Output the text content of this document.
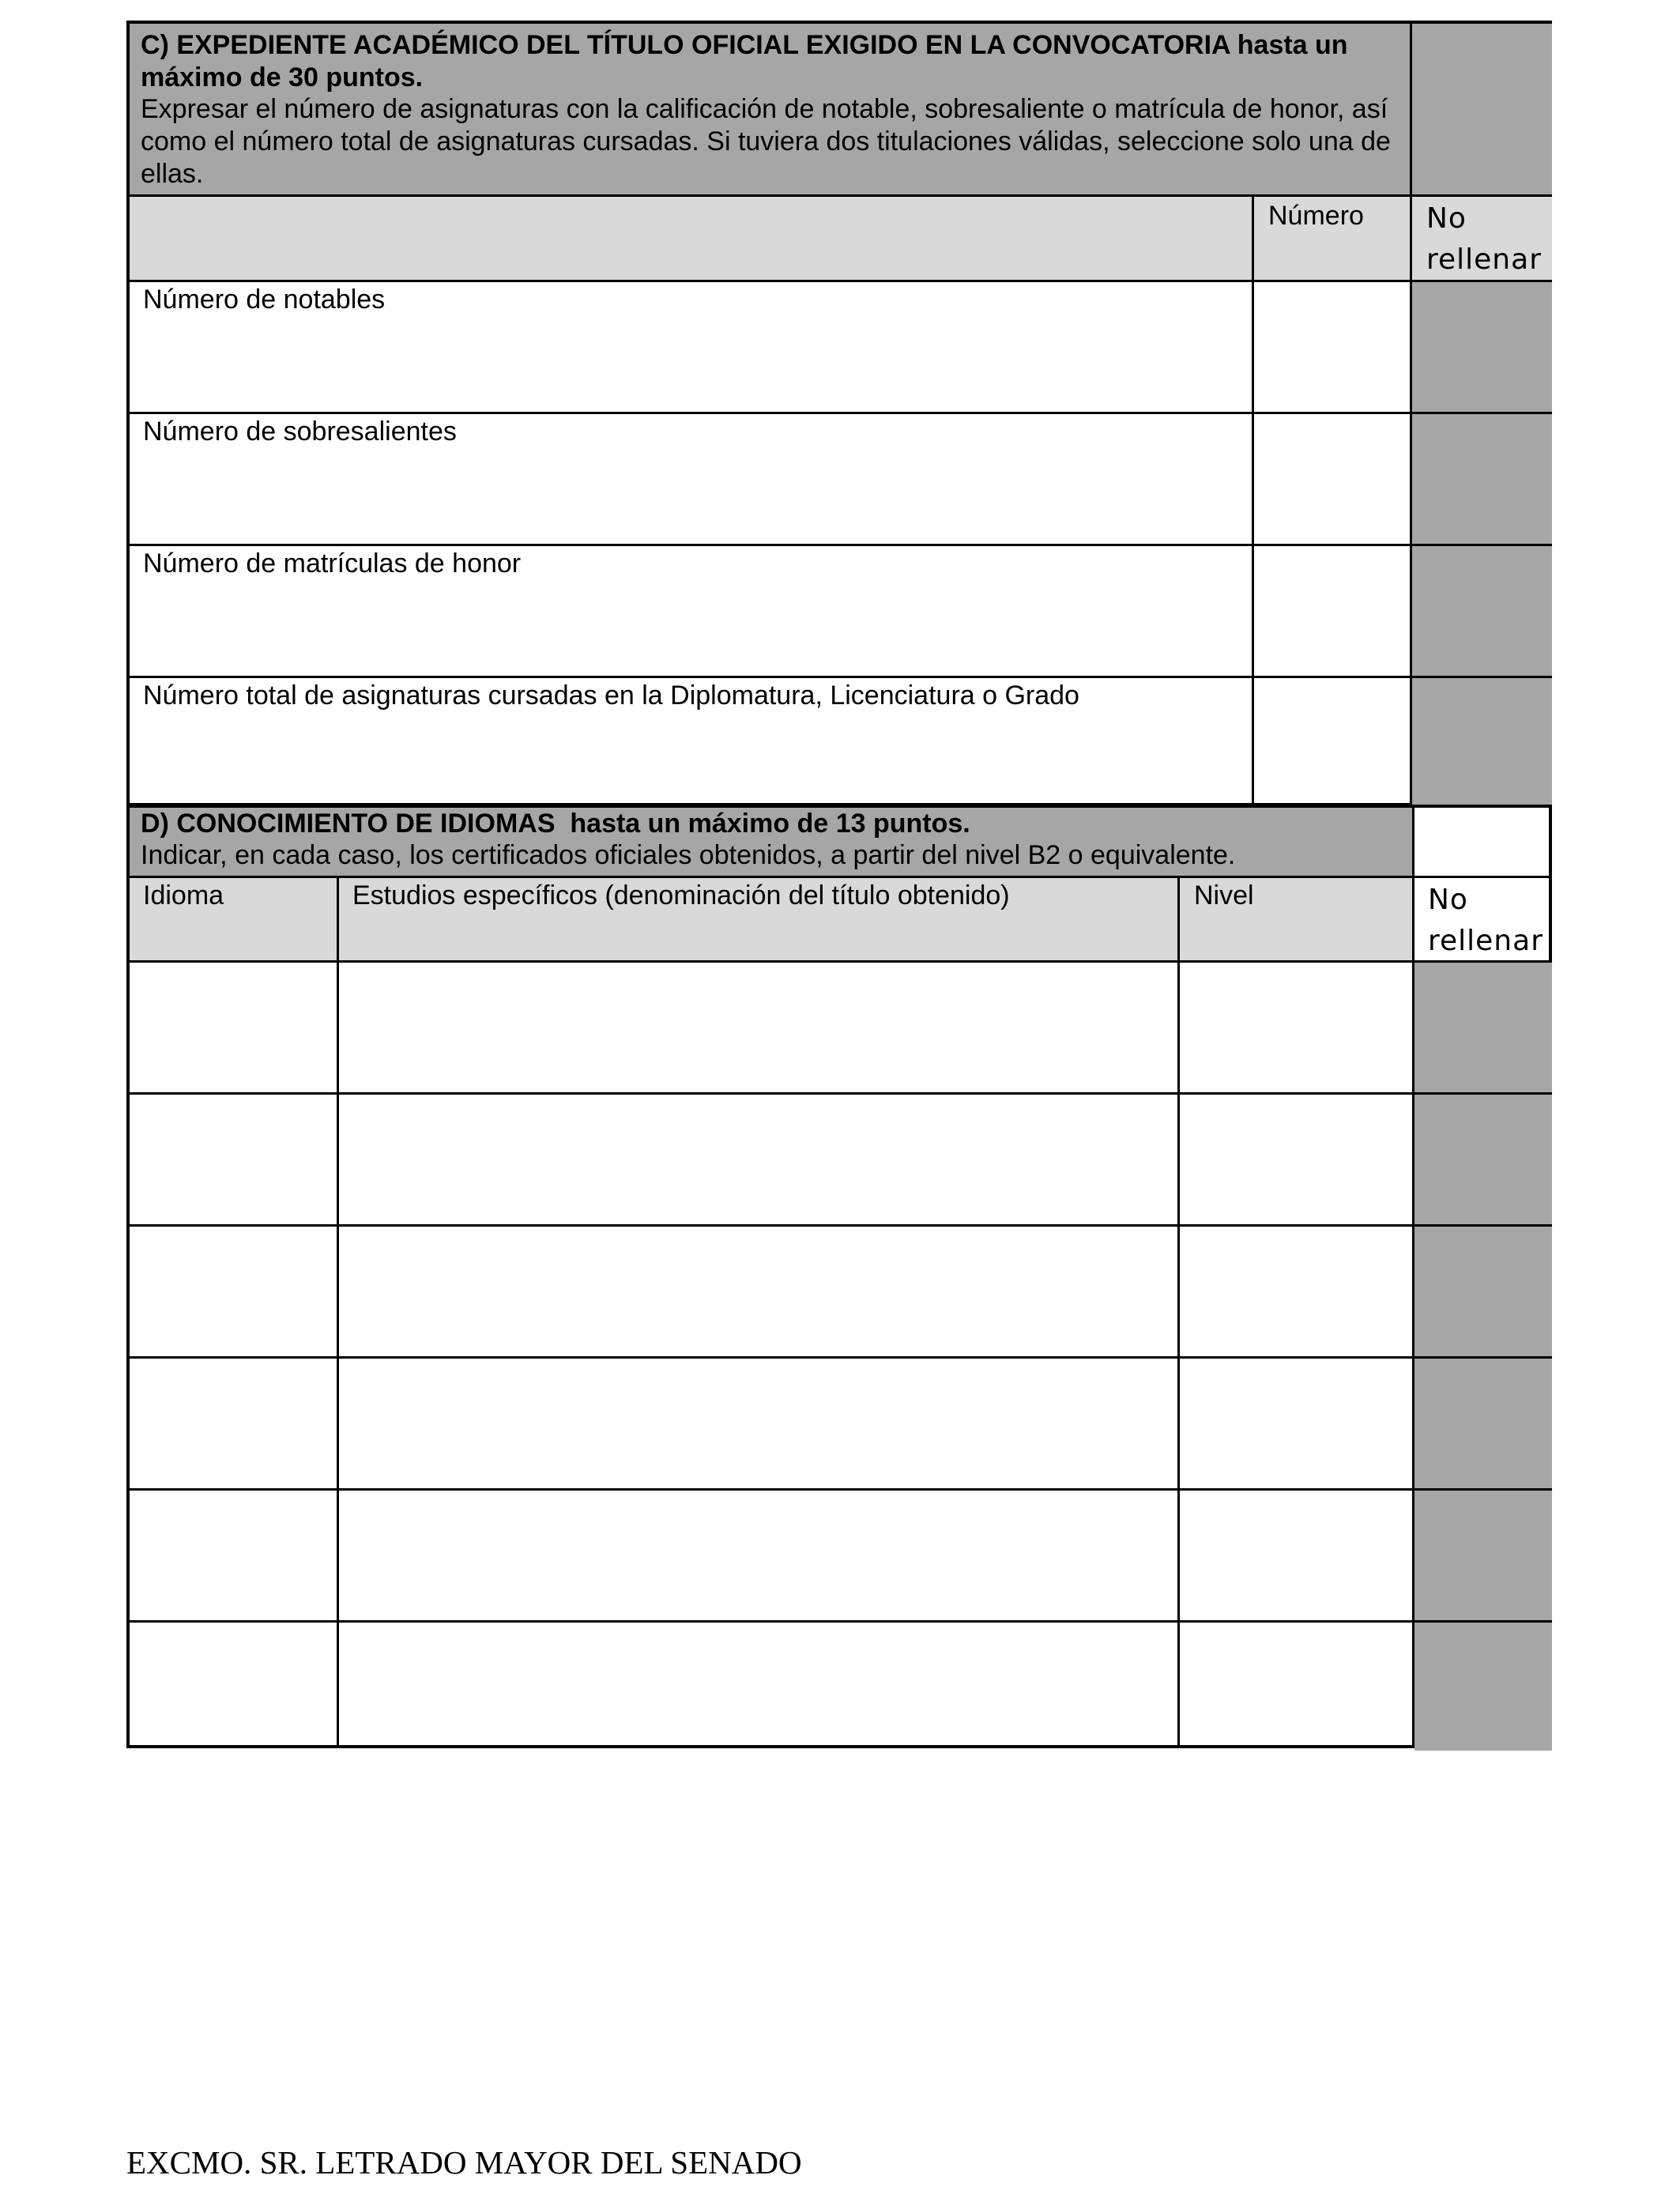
C) EXPEDIENTE ACADÉMICO DEL TÍTULO OFICIAL EXIGIDO EN LA CONVOCATORIA hasta un máximo de 30 puntos.
Expresar el número de asignaturas con la calificación de notable, sobresaliente o matrícula de honor, así como el número total de asignaturas cursadas. Si tuviera dos titulaciones válidas, seleccione solo una de ellas.
Número	No rellenar
Número de notables
Número de sobresalientes
Número de matrículas de honor
Número total de asignaturas cursadas en la Diplomatura, Licenciatura o Grado
D) CONOCIMIENTO DE IDIOMAS  hasta un máximo de 13 puntos.
Indicar, en cada caso, los certificados oficiales obtenidos, a partir del nivel B2 o equivalente.
Idioma	Estudios específicos (denominación del título obtenido)	Nivel	No rellenar
EXCMO. SR. LETRADO MAYOR DEL SENADO
